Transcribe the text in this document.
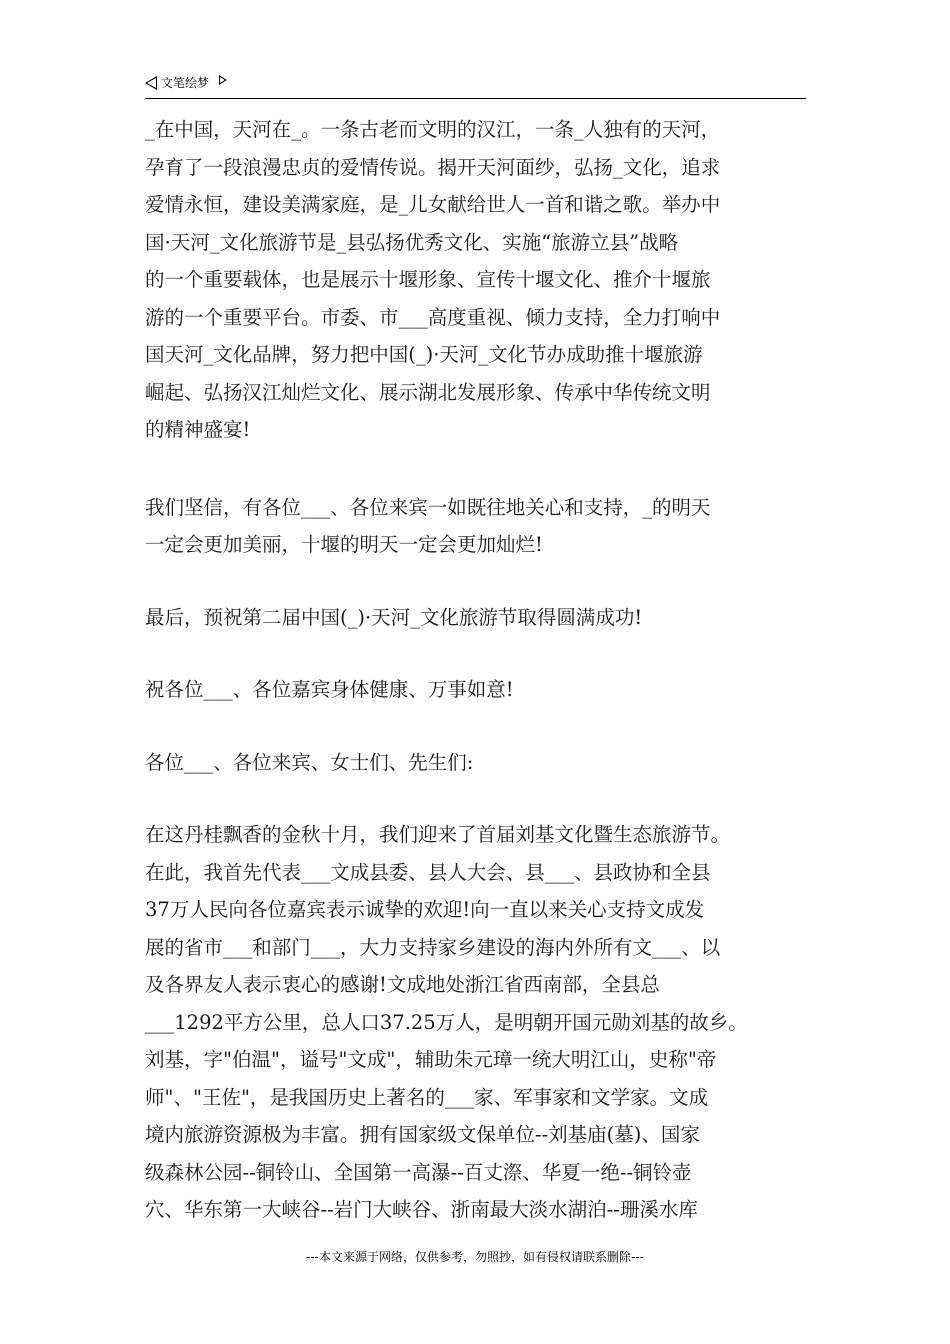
文笔绘梦

_在中国，天河在_。一条古老而文明的汉江，一条_人独有的天河，
孕育了一段浪漫忠贞的爱情传说。揭开天河面纱，弘扬_文化，追求
爱情永恒，建设美满家庭，是_儿女献给世人一首和谐之歌。举办中
国·天河_文化旅游节是_县弘扬优秀文化、实施“旅游立县”战略
的一个重要载体，也是展示十堰形象、宣传十堰文化、推介十堰旅
游的一个重要平台。市委、市___高度重视、倾力支持，全力打响中
国天河_文化品牌，努力把中国(_)·天河_文化节办成助推十堰旅游
崛起、弘扬汉江灿烂文化、展示湖北发展形象、传承中华传统文明
的精神盛宴!

我们坚信，有各位___、各位来宾一如既往地关心和支持，_的明天
一定会更加美丽，十堰的明天一定会更加灿烂!

最后，预祝第二届中国(_)·天河_文化旅游节取得圆满成功!

祝各位___、各位嘉宾身体健康、万事如意!

各位___、各位来宾、女士们、先生们:

在这丹桂飘香的金秋十月，我们迎来了首届刘基文化暨生态旅游节。
在此，我首先代表___文成县委、县人大会、县___、县政协和全县
37万人民向各位嘉宾表示诚挚的欢迎!向一直以来关心支持文成发
展的省市___和部门___，大力支持家乡建设的海内外所有文___、以
及各界友人表示衷心的感谢!文成地处浙江省西南部，全县总
___1292平方公里，总人口37.25万人，是明朝开国元勋刘基的故乡。
刘基，字"伯温"，谥号"文成"，辅助朱元璋一统大明江山，史称"帝
师"、"王佐"，是我国历史上著名的___家、军事家和文学家。文成
境内旅游资源极为丰富。拥有国家级文保单位--刘基庙(墓)、国家
级森林公园--铜铃山、全国第一高瀑--百丈漈、华夏一绝--铜铃壶
穴、华东第一大峡谷--岩门大峡谷、浙南最大淡水湖泊--珊溪水库

---本文来源于网络，仅供参考，勿照抄，如有侵权请联系删除---
